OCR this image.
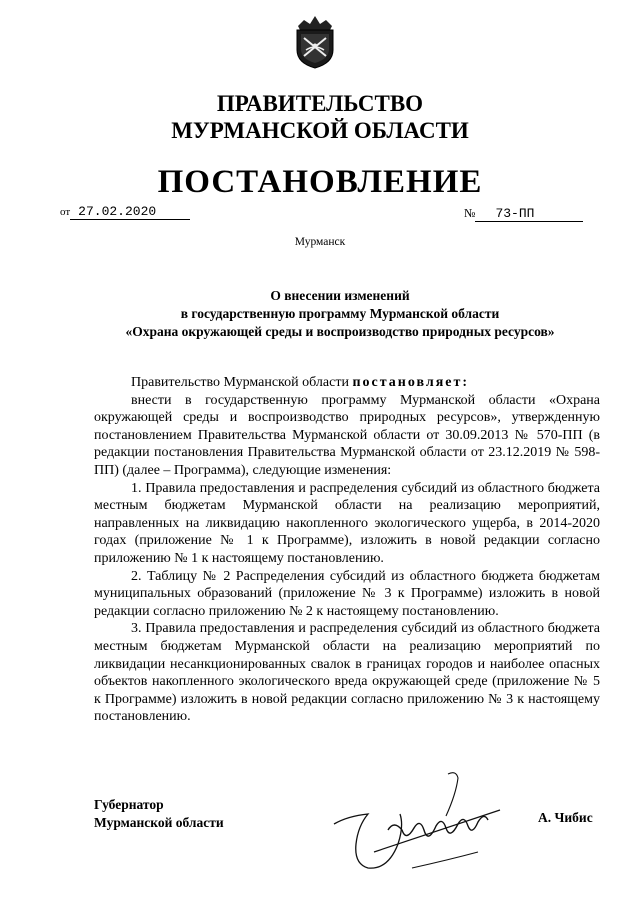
ПРАВИТЕЛЬСТВО
МУРМАНСКОЙ ОБЛАСТИ
ПОСТАНОВЛЕНИЕ
от 27.02.2020	№ 73-ПП
Мурманск
О внесении изменений
в государственную программу Мурманской области
«Охрана окружающей среды и воспроизводство природных ресурсов»

Правительство Мурманской области постановляет:

внести в государственную программу Мурманской области «Охрана окружающей среды и воспроизводство природных ресурсов», утвержденную постановлением Правительства Мурманской области от 30.09.2013 № 570-ПП (в редакции постановления Правительства Мурманской области от 23.12.2019 № 598-ПП) (далее – Программа), следующие изменения:

1. Правила предоставления и распределения субсидий из областного бюджета местным бюджетам Мурманской области на реализацию мероприятий, направленных на ликвидацию накопленного экологического ущерба, в 2014-2020 годах (приложение № 1 к Программе), изложить в новой редакции согласно приложению № 1 к настоящему постановлению.

2. Таблицу № 2 Распределения субсидий из областного бюджета бюджетам муниципальных образований (приложение № 3 к Программе) изложить в новой редакции согласно приложению № 2 к настоящему постановлению.

3. Правила предоставления и распределения субсидий из областного бюджета местным бюджетам Мурманской области на реализацию мероприятий по ликвидации несанкционированных свалок в границах городов и наиболее опасных объектов накопленного экологического вреда окружающей среде (приложение № 5 к Программе) изложить в новой редакции согласно приложению № 3 к настоящему постановлению.

Губернатор
Мурманской области	А. Чибис
